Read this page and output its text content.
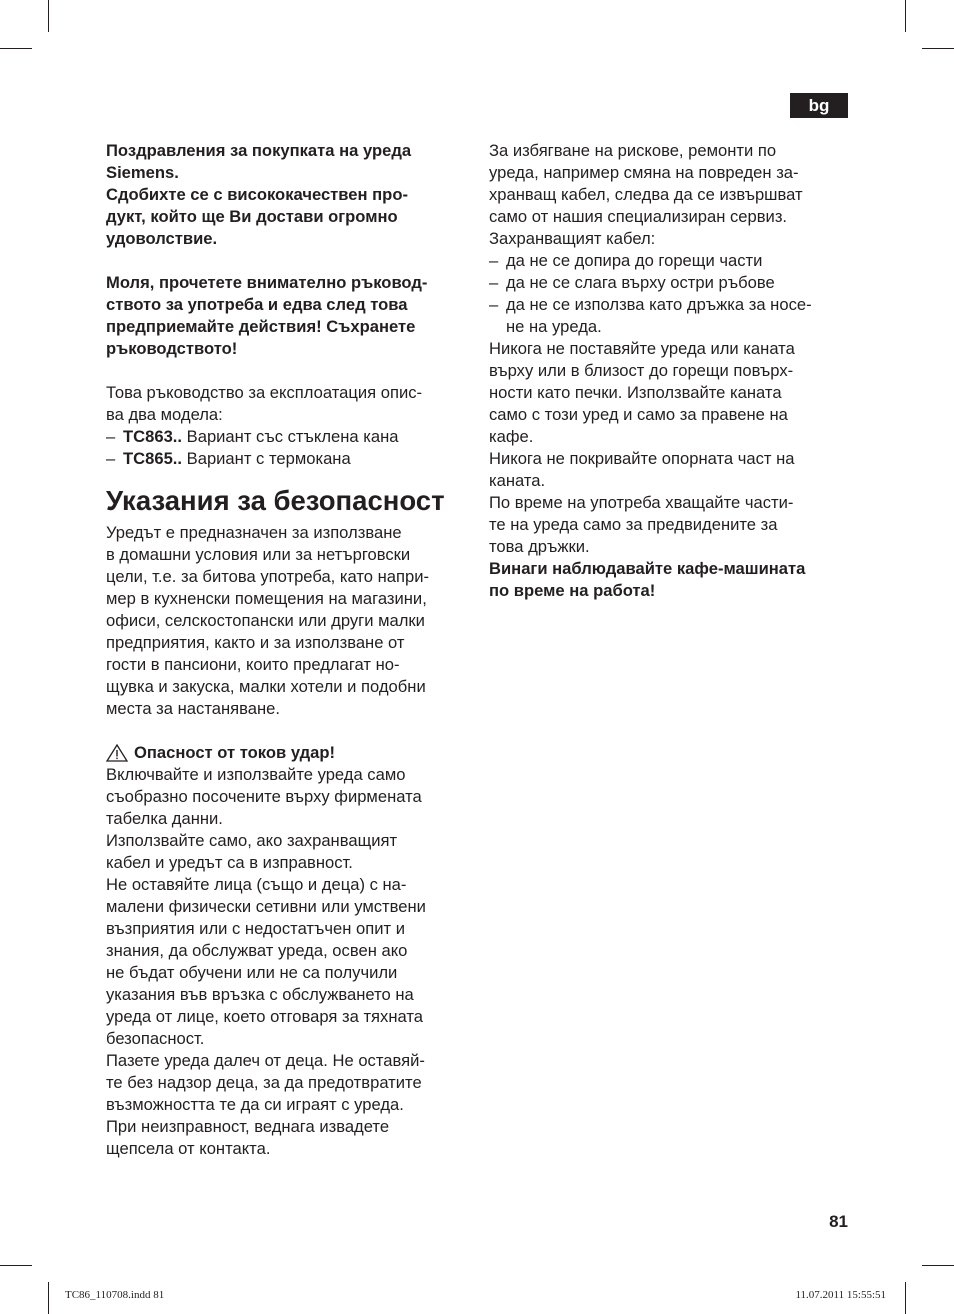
bg

Поздравления за покупката на уреда

Siemens.

Сдобихте се с висококачествен про-

дукт, който ще Ви достави огромно

удоволствие.

Моля, прочетете внимателно ръковод-

ството за употреба и едва след това

предприемайте действия! Съхранете

ръководството!

Това ръководство за експлоатация опис-

ва два модела:

– TC863.. Вариант със стъклена кана
– TC865.. Вариант с термокана
Указания за безопасност

Уредът е предназначен за използване

в домашни условия или за нетърговски

цели, т.е. за битова употреба, като напри-

мер в кухненски помещения на магазини,

офиси, селскостопански или други малки

предприятия, както и за използване от

гости в пансиони, които предлагат но-

щувка и закуска, малки хотели и подобни

места за настаняване.

Опасност от токов удар!

Включвайте и използвайте уреда само

съобразно посочените върху фирмената

табелка данни.

Използвайте само, ако захранващият

кабел и уредът са в изправност.

Не оставяйте лица (също и деца) с на-

малени физически сетивни или умствени

възприятия или с недостатъчен опит и

знания, да обслужват уреда, освен ако

не бъдат обучени или не са получили

указания във връзка с обслужването на

уреда от лице, което отговаря за тяхната

безопасност.

Пазете уреда далеч от деца. Не оставяй-

те без надзор деца, за да предотвратите

възможността те да си играят с уреда.

При неизправност, веднага извадете

щепсела от контакта.

За избягване на рискове, ремонти по

уреда, например смяна на повреден за-

хранващ кабел, следва да се извършват

само от нашия специализиран сервиз.

Захранващият кабел:

– да не се допира до горещи части
– да не се слага върху остри ръбове
– да не се използва като дръжка за носе-
не на уреда.

Никога не поставяйте уреда или каната

върху или в близост до горещи повърх-

ности като печки. Използвайте каната

само с този уред и само за правене на

кафе.

Никога не покривайте опорната част на

каната.

По време на употреба хващайте части-

те на уреда само за предвидените за

това дръжки.

Винаги наблюдавайте кафе-машината

по време на работа!

81
TC86_110708.indd 81	11.07.2011 15:55:51
